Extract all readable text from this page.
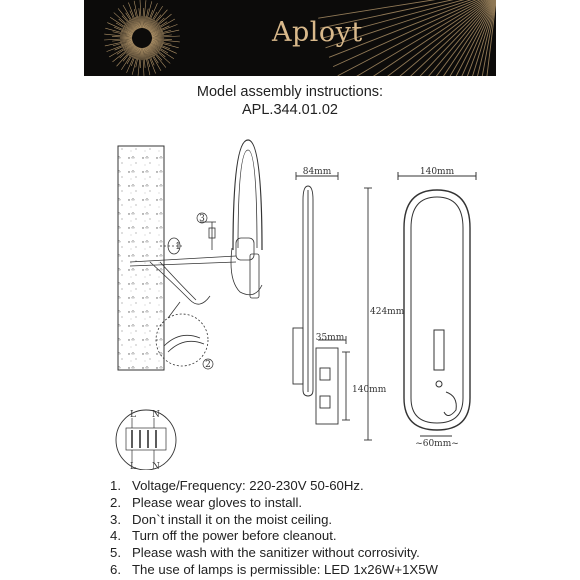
Aployt
Model assembly instructions:
APL.344.01.02
3
2
1
L N
L N
84mm
35mm
140mm
424mm
140mm
~60mm~
1. Voltage/Frequency: 220-230V 50-60Hz.
2. Please wear gloves to install.
3. Don`t install it on the moist ceiling.
4. Turn off the power before cleanout.
5. Please wash with the sanitizer without corrosivity.
6. The use of lamps is permissible: LED 1x26W+1X5W
